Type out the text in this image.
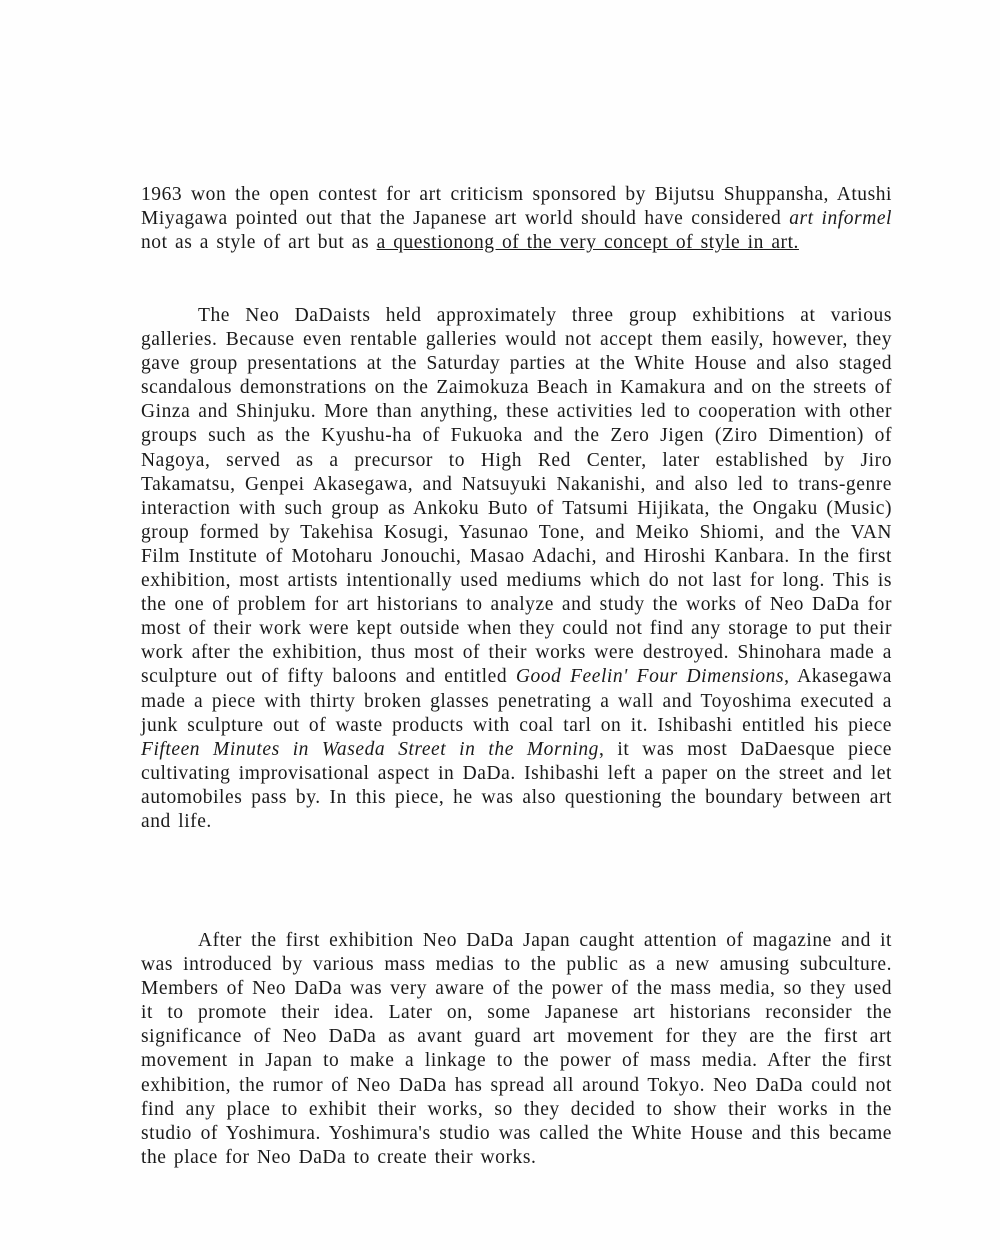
1963 won the open contest for art criticism sponsored by Bijutsu Shuppansha, Atushi Miyagawa pointed out that the Japanese art world should have considered art informel not as a style of art but as a questionong of the very concept of style in art.

The Neo DaDaists held approximately three group exhibitions at various galleries. Because even rentable galleries would not accept them easily, however, they gave group presentations at the Saturday parties at the White House and also staged scandalous demonstrations on the Zaimokuza Beach in Kamakura and on the streets of Ginza and Shinjuku. More than anything, these activities led to cooperation with other groups such as the Kyushu-ha of Fukuoka and the Zero Jigen (Ziro Dimention) of Nagoya, served as a precursor to High Red Center, later established by Jiro Takamatsu, Genpei Akasegawa, and Natsuyuki Nakanishi, and also led to trans-genre interaction with such group as Ankoku Buto of Tatsumi Hijikata, the Ongaku (Music) group formed by Takehisa Kosugi, Yasunao Tone, and Meiko Shiomi, and the VAN Film Institute of Motoharu Jonouchi, Masao Adachi, and Hiroshi Kanbara. In the first exhibition, most artists intentionally used mediums which do not last for long. This is the one of problem for art historians to analyze and study the works of Neo DaDa for most of their work were kept outside when they could not find any storage to put their work after the exhibition, thus most of their works were destroyed. Shinohara made a sculpture out of fifty baloons and entitled Good Feelin' Four Dimensions, Akasegawa made a piece with thirty broken glasses penetrating a wall and Toyoshima executed a junk sculpture out of waste products with coal tarl on it. Ishibashi entitled his piece Fifteen Minutes in Waseda Street in the Morning, it was most DaDaesque piece cultivating improvisational aspect in DaDa. Ishibashi left a paper on the street and let automobiles pass by. In this piece, he was also questioning the boundary between art and life.

After the first exhibition Neo DaDa Japan caught attention of magazine and it was introduced by various mass medias to the public as a new amusing subculture. Members of Neo DaDa was very aware of the power of the mass media, so they used it to promote their idea. Later on, some Japanese art historians reconsider the significance of Neo DaDa as avant guard art movement for they are the first art movement in Japan to make a linkage to the power of mass media. After the first exhibition, the rumor of Neo DaDa has spread all around Tokyo. Neo DaDa could not find any place to exhibit their works, so they decided to show their works in the studio of Yoshimura. Yoshimura's studio was called the White House and this became the place for Neo DaDa to create their works.
